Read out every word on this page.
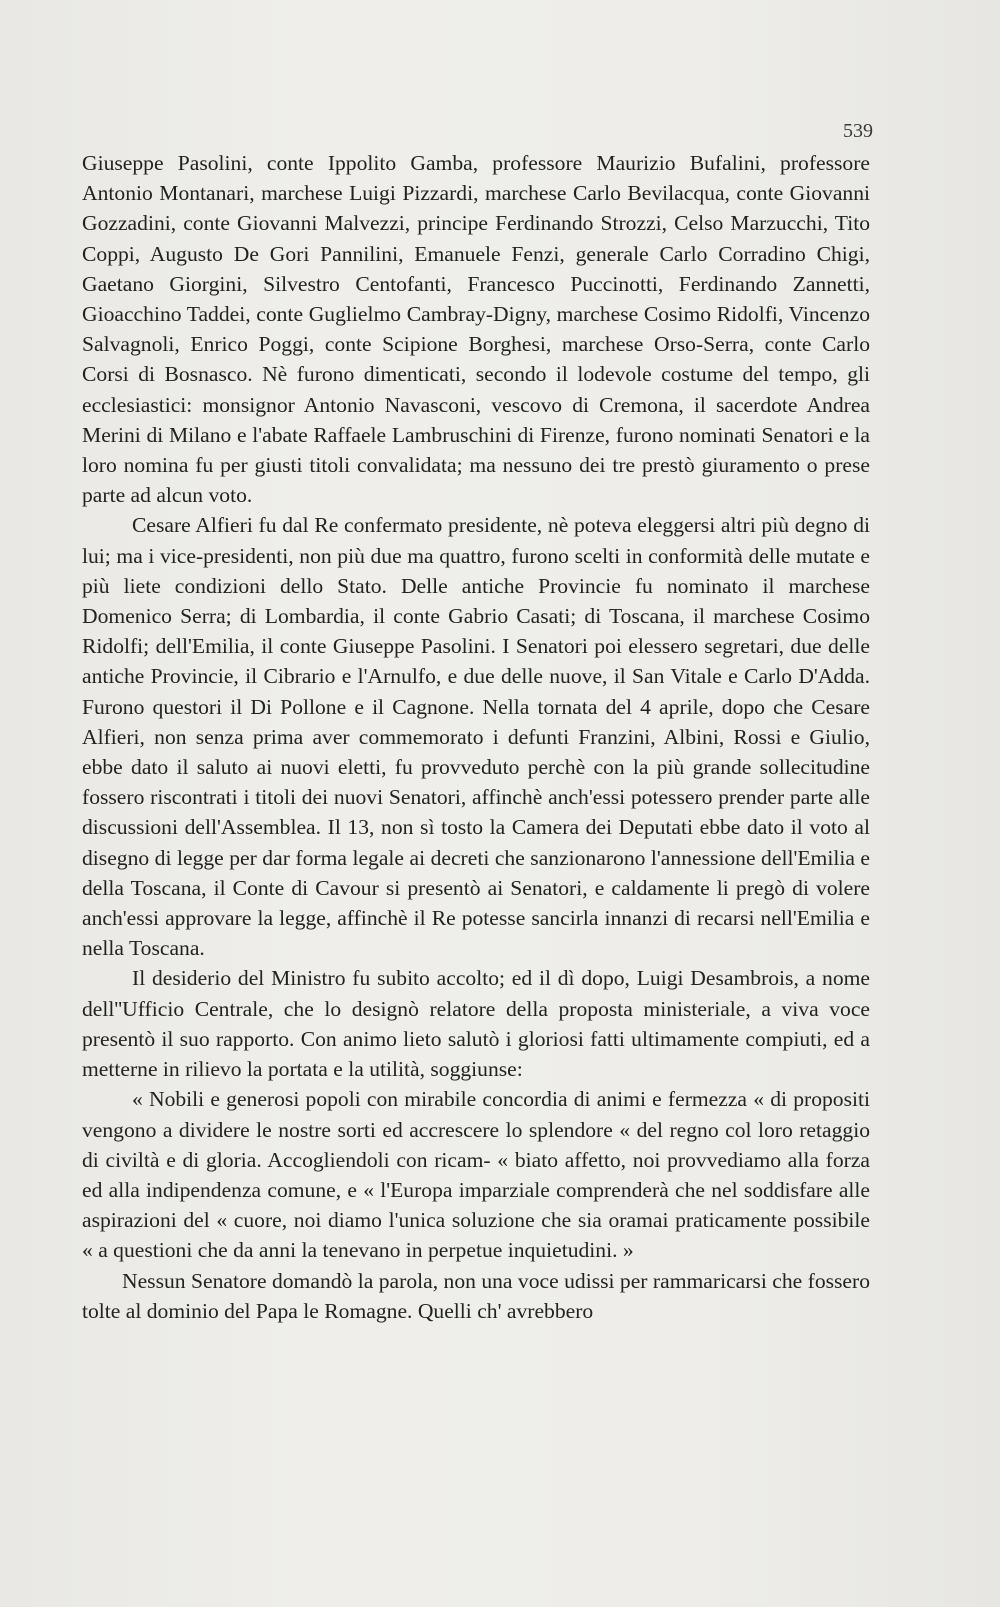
539

Giuseppe Pasolini, conte Ippolito Gamba, professore Maurizio Bufalini, professore Antonio Montanari, marchese Luigi Pizzardi, marchese Carlo Bevilacqua, conte Giovanni Gozzadini, conte Giovanni Malvezzi, principe Ferdinando Strozzi, Celso Marzucchi, Tito Coppi, Augusto De Gori Pannilini, Emanuele Fenzi, generale Carlo Corradino Chigi, Gaetano Giorgini, Silvestro Centofanti, Francesco Puccinotti, Ferdinando Zannetti, Gioacchino Taddei, conte Guglielmo Cambray-Digny, marchese Cosimo Ridolfi, Vincenzo Salvagnoli, Enrico Poggi, conte Scipione Borghesi, marchese Orso-Serra, conte Carlo Corsi di Bosnasco. Nè furono dimenticati, secondo il lodevole costume del tempo, gli ecclesiastici: monsignor Antonio Navasconi, vescovo di Cremona, il sacerdote Andrea Merini di Milano e l'abate Raffaele Lambruschini di Firenze, furono nominati Senatori e la loro nomina fu per giusti titoli convalidata; ma nessuno dei tre prestò giuramento o prese parte ad alcun voto.

Cesare Alfieri fu dal Re confermato presidente, nè poteva eleggersi altri più degno di lui; ma i vice-presidenti, non più due ma quattro, furono scelti in conformità delle mutate e più liete condizioni dello Stato. Delle antiche Provincie fu nominato il marchese Domenico Serra; di Lombardia, il conte Gabrio Casati; di Toscana, il marchese Cosimo Ridolfi; dell'Emilia, il conte Giuseppe Pasolini. I Senatori poi elessero segretari, due delle antiche Provincie, il Cibrario e l'Arnulfo, e due delle nuove, il San Vitale e Carlo D'Adda. Furono questori il Di Pollone e il Cagnone. Nella tornata del 4 aprile, dopo che Cesare Alfieri, non senza prima aver commemorato i defunti Franzini, Albini, Rossi e Giulio, ebbe dato il saluto ai nuovi eletti, fu provveduto perchè con la più grande sollecitudine fossero riscontrati i titoli dei nuovi Senatori, affinchè anch'essi potessero prender parte alle discussioni dell'Assemblea. Il 13, non sì tosto la Camera dei Deputati ebbe dato il voto al disegno di legge per dar forma legale ai decreti che sanzionarono l'annessione dell'Emilia e della Toscana, il Conte di Cavour si presentò ai Senatori, e caldamente li pregò di volere anch'essi approvare la legge, affinchè il Re potesse sancirla innanzi di recarsi nell'Emilia e nella Toscana.

Il desiderio del Ministro fu subito accolto; ed il dì dopo, Luigi Desambrois, a nome dell''Ufficio Centrale, che lo designò relatore della proposta ministeriale, a viva voce presentò il suo rapporto. Con animo lieto salutò i gloriosi fatti ultimamente compiuti, ed a metterne in rilievo la portata e la utilità, soggiunse:

« Nobili e generosi popoli con mirabile concordia di animi e fermezza « di propositi vengono a dividere le nostre sorti ed accrescere lo splendore « del regno col loro retaggio di civiltà e di gloria. Accogliendoli con ricam- « biato affetto, noi provvediamo alla forza ed alla indipendenza comune, e « l'Europa imparziale comprenderà che nel soddisfare alle aspirazioni del « cuore, noi diamo l'unica soluzione che sia oramai praticamente possibile « a questioni che da anni la tenevano in perpetue inquietudini. »

Nessun Senatore domandò la parola, non una voce udissi per rammaricarsi che fossero tolte al dominio del Papa le Romagne. Quelli ch' avrebbero
